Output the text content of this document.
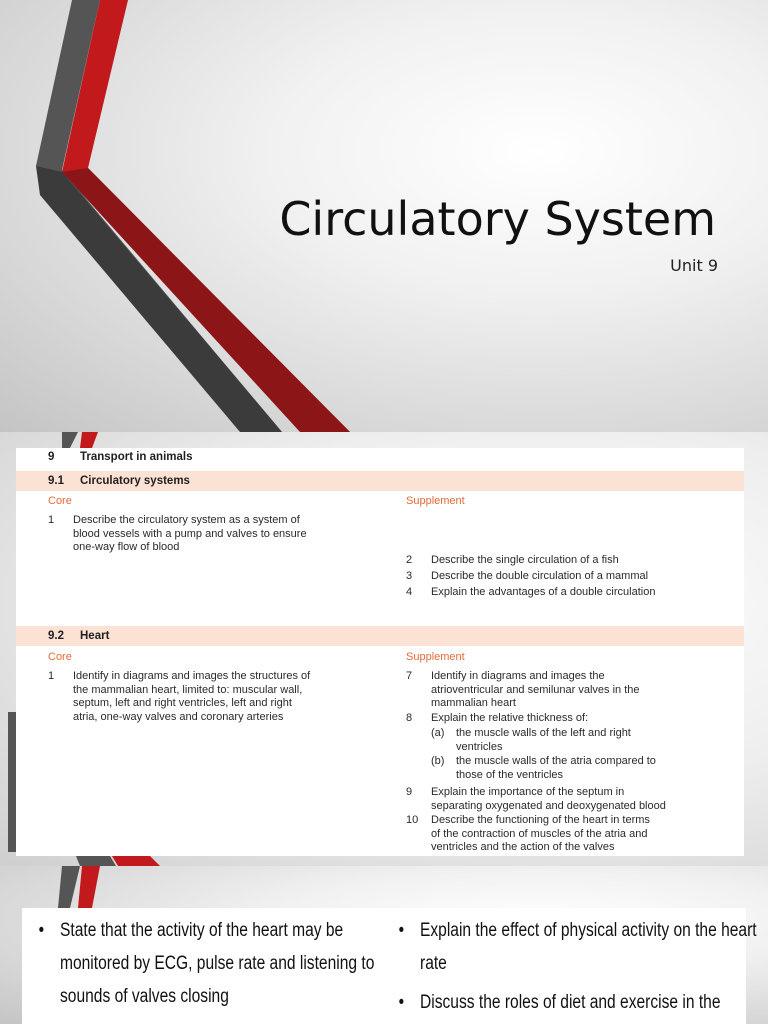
Circulatory System
Unit 9
9 Transport in animals
9.1 Circulatory systems
Core	Supplement
1 Describe the circulatory system as a system of
blood vessels with a pump and valves to ensure
one-way flow of blood
2 Describe the single circulation of a fish
3 Describe the double circulation of a mammal
4 Explain the advantages of a double circulation
9.2 Heart
Core	Supplement
1 Identify in diagrams and images the structures of
the mammalian heart, limited to: muscular wall,
septum, left and right ventricles, left and right
atria, one-way valves and coronary arteries
7 Identify in diagrams and images the
atrioventricular and semilunar valves in the
mammalian heart
8 Explain the relative thickness of:
(a) the muscle walls of the left and right
ventricles
(b) the muscle walls of the atria compared to
those of the ventricles
9 Explain the importance of the septum in
separating oxygenated and deoxygenated blood
10 Describe the functioning of the heart in terms
of the contraction of muscles of the atria and
ventricles and the action of the valves
• State that the activity of the heart may be
monitored by ECG, pulse rate and listening to
sounds of valves closing
• Explain the effect of physical activity on the heart
rate
• Discuss the roles of diet and exercise in the
